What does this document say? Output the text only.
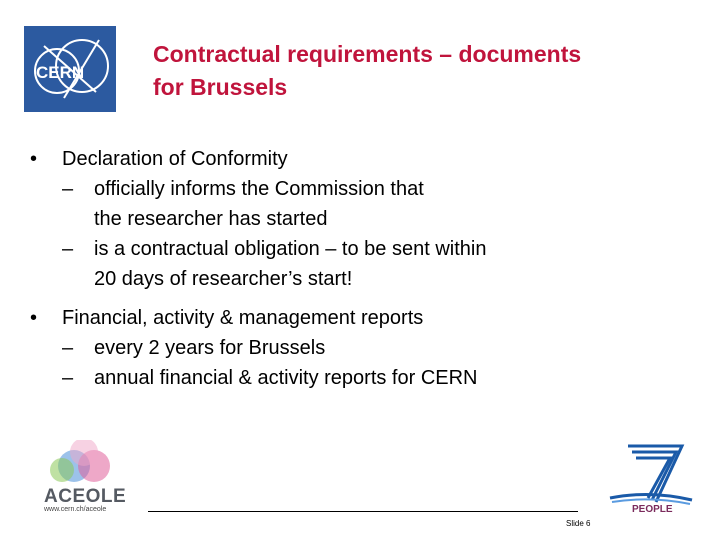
CERN
Contractual requirements – documents
for Brussels
•	Declaration of Conformity
–	officially informs the Commission that
the researcher has started
–	is a contractual obligation – to be sent within
20 days of researcher’s start!
•	Financial, activity & management reports
–	every 2 years for Brussels
–	annual financial & activity reports for CERN
ACEOLE
www.cern.ch/aceole
Slide 6
PEOPLE
